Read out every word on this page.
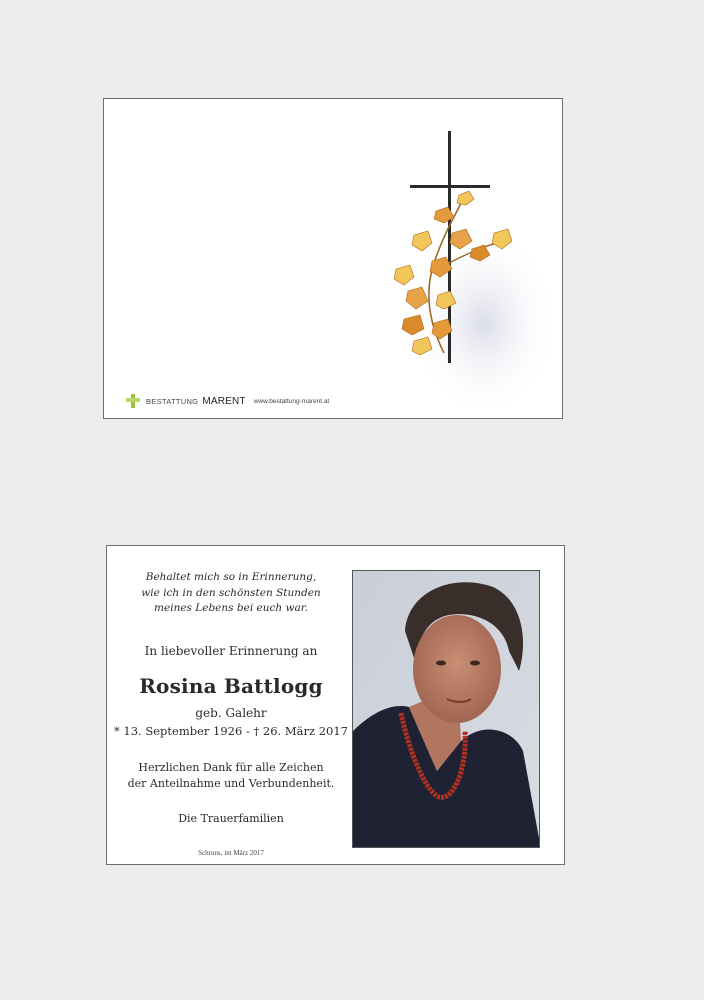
BESTATTUNG MARENT www.bestattung-marent.at
Behaltet mich so in Erinnerung,
wie ich in den schönsten Stunden
meines Lebens bei euch war.
In liebevoller Erinnerung an
Rosina Battlogg
geb. Galehr
* 13. September 1926 - † 26. März 2017
Herzlichen Dank für alle Zeichen
der Anteilnahme und Verbundenheit.
Die Trauerfamilien
Schruns, im März 2017
